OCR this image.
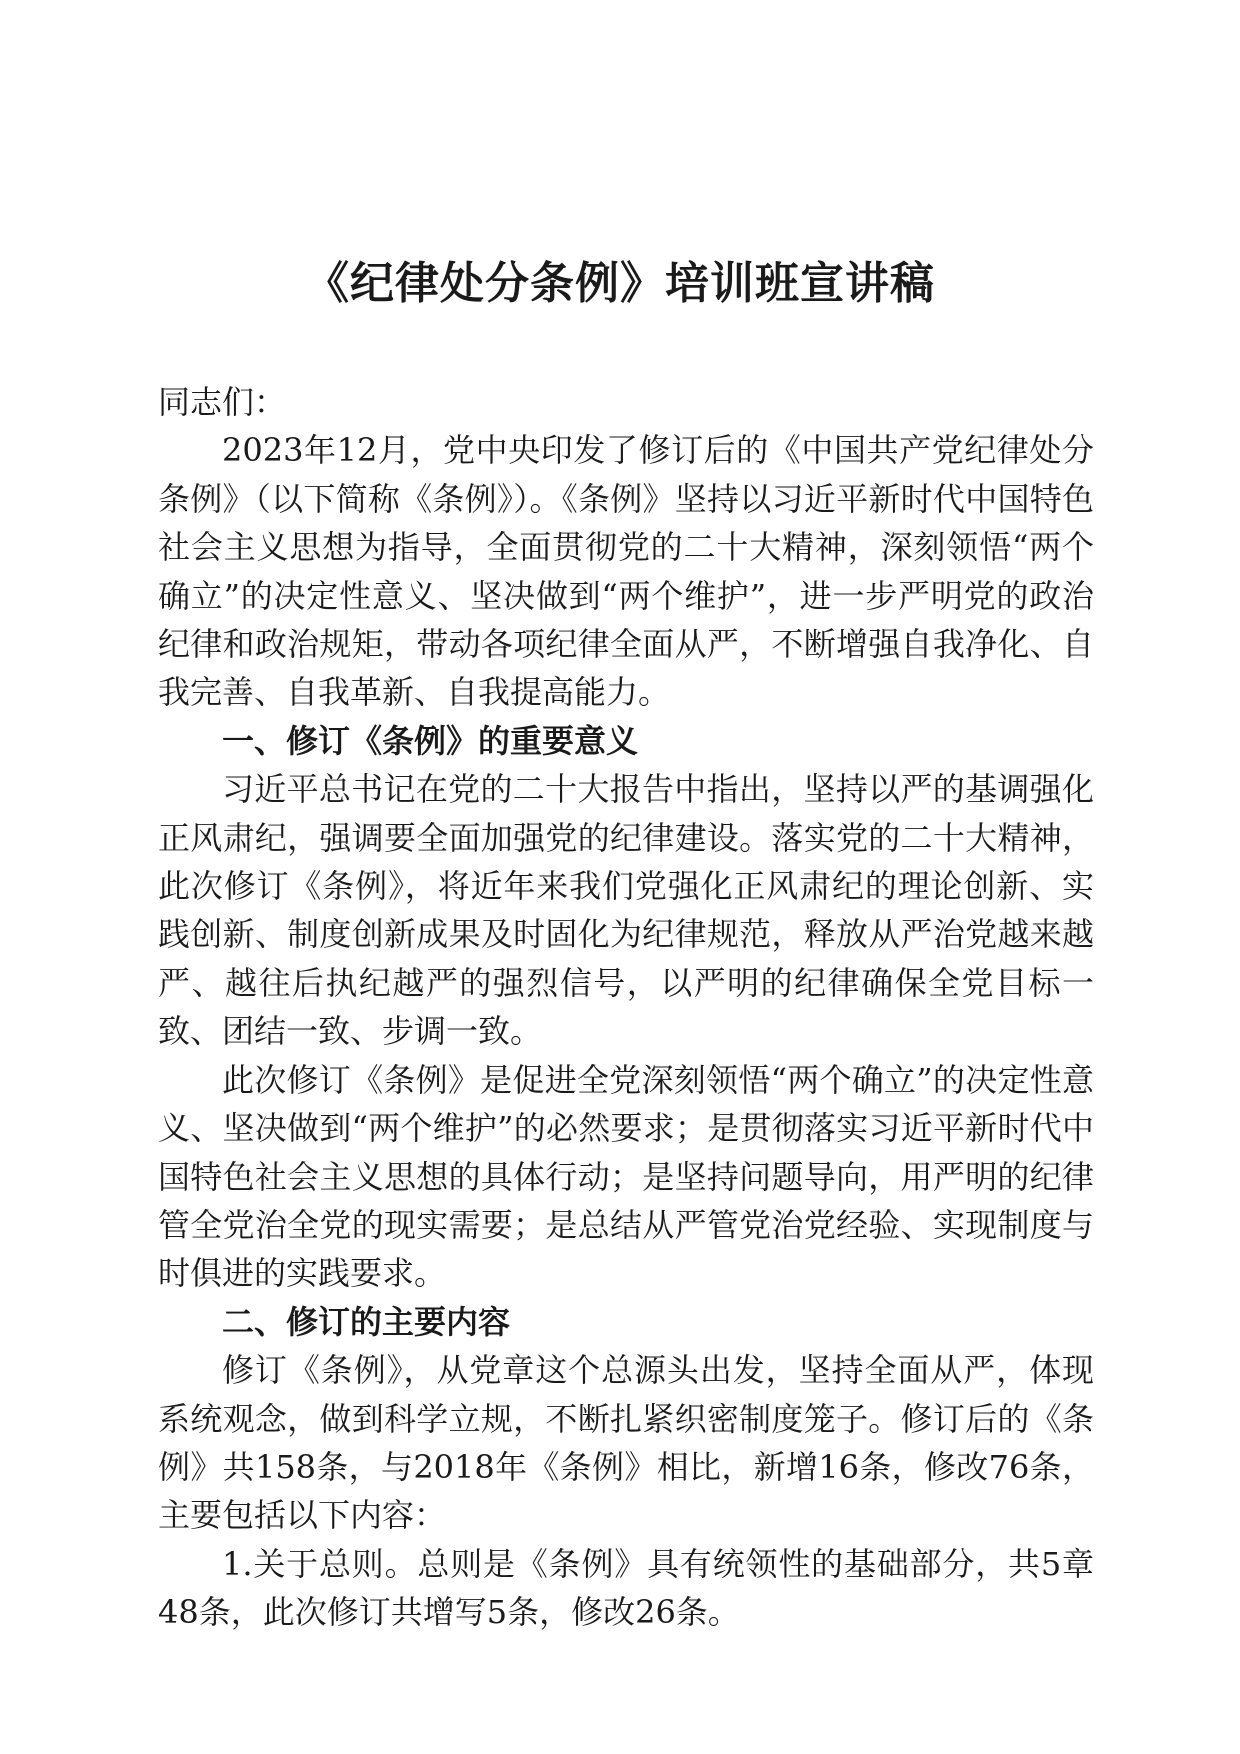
《纪律处分条例》培训班宣讲稿

同志们：

2023年12月，党中央印发了修订后的《中国共产党纪律处分条例》（以下简称《条例》）。《条例》坚持以习近平新时代中国特色社会主义思想为指导，全面贯彻党的二十大精神，深刻领悟“两个确立”的决定性意义、坚决做到“两个维护”，进一步严明党的政治纪律和政治规矩，带动各项纪律全面从严，不断增强自我净化、自我完善、自我革新、自我提高能力。

一、修订《条例》的重要意义

习近平总书记在党的二十大报告中指出，坚持以严的基调强化正风肃纪，强调要全面加强党的纪律建设。落实党的二十大精神，此次修订《条例》，将近年来我们党强化正风肃纪的理论创新、实践创新、制度创新成果及时固化为纪律规范，释放从严治党越来越严、越往后执纪越严的强烈信号，以严明的纪律确保全党目标一致、团结一致、步调一致。

此次修订《条例》是促进全党深刻领悟“两个确立”的决定性意义、坚决做到“两个维护”的必然要求；是贯彻落实习近平新时代中国特色社会主义思想的具体行动；是坚持问题导向，用严明的纪律管全党治全党的现实需要；是总结从严管党治党经验、实现制度与时俱进的实践要求。

二、修订的主要内容

修订《条例》，从党章这个总源头出发，坚持全面从严，体现系统观念，做到科学立规，不断扎紧织密制度笼子。修订后的《条例》共158条，与2018年《条例》相比，新增16条，修改76条，主要包括以下内容：

1.关于总则。总则是《条例》具有统领性的基础部分，共5章48条，此次修订共增写5条，修改26条。
